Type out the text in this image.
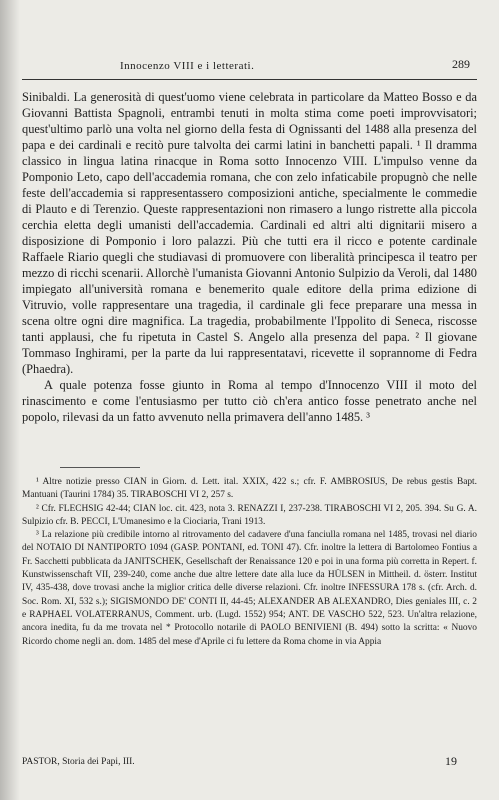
Innocenzo VIII e i letterati.	289

Sinibaldi. La generosità di quest'uomo viene celebrata in particolare da Matteo Bosso e da Giovanni Battista Spagnoli, entrambi tenuti in molta stima come poeti improvvisatori; quest'ultimo parlò una volta nel giorno della festa di Ognissanti del 1488 alla presenza del papa e dei cardinali e recitò pure talvolta dei carmi latini in banchetti papali. ¹ Il dramma classico in lingua latina rinacque in Roma sotto Innocenzo VIII. L'impulso venne da Pomponio Leto, capo dell'accademia romana, che con zelo infaticabile propugnò che nelle feste dell'accademia si rappresentassero composizioni antiche, specialmente le commedie di Plauto e di Terenzio. Queste rappresentazioni non rimasero a lungo ristrette alla piccola cerchia eletta degli umanisti dell'accademia. Cardinali ed altri alti dignitarii misero a disposizione di Pomponio i loro palazzi. Più che tutti era il ricco e potente cardinale Raffaele Riario quegli che studiavasi di promuovere con liberalità principesca il teatro per mezzo di ricchi scenarii. Allorchè l'umanista Giovanni Antonio Sulpizio da Veroli, dal 1480 impiegato all'università romana e benemerito quale editore della prima edizione di Vitruvio, volle rappresentare una tragedia, il cardinale gli fece preparare una messa in scena oltre ogni dire magnifica. La tragedia, probabilmente l'Ippolito di Seneca, riscosse tanti applausi, che fu ripetuta in Castel S. Angelo alla presenza del papa. ² Il giovane Tommaso Inghirami, per la parte da lui rappresentatavi, ricevette il soprannome di Fedra (Phaedra).

A quale potenza fosse giunto in Roma al tempo d'Innocenzo VIII il moto del rinascimento e come l'entusiasmo per tutto ciò ch'era antico fosse penetrato anche nel popolo, rilevasi da un fatto avvenuto nella primavera dell'anno 1485. ³

¹ Altre notizie presso CIAN in Giorn. d. Lett. ital. XXIX, 422 s.; cfr. F. AMBROSIUS, De rebus gestis Bapt. Mantuani (Taurini 1784) 35. TIRABOSCHI VI 2, 257 s.

² Cfr. FLECHSIG 42-44; CIAN loc. cit. 423, nota 3. RENAZZI I, 237-238. TIRABOSCHI VI 2, 205. 394. Su G. A. Sulpizio cfr. B. PECCI, L'Umanesimo e la Ciociaria, Trani 1913.

³ La relazione più credibile intorno al ritrovamento del cadavere d'una fanciulla romana nel 1485, trovasi nel diario del NOTAIO DI NANTIPORTO 1094 (GASP. PONTANI, ed. TONI 47). Cfr. inoltre la lettera di Bartolomeo Fontius a Fr. Sacchetti pubblicata da JANITSCHEK, Gesellschaft der Renaissance 120 e poi in una forma più corretta in Repert. f. Kunstwissenschaft VII, 239-240, come anche due altre lettere date alla luce da HÜLSEN in Mittheil. d. österr. Institut IV, 435-438, dove trovasi anche la miglior critica delle diverse relazioni. Cfr. inoltre INFESSURA 178 s. (cfr. Arch. d. Soc. Rom. XI, 532 s.); SIGISMONDO DE' CONTI II, 44-45; ALEXANDER AB ALEXANDRO, Dies geniales III, c. 2 e RAPHAEL VOLATERRANUS, Comment. urb. (Lugd. 1552) 954; ANT. DE VASCHO 522, 523. Un'altra relazione, ancora inedita, fu da me trovata nel * Protocollo notarile di PAOLO BENIVIENI (B. 494) sotto la scritta: « Nuovo Ricordo chome negli an. dom. 1485 del mese d'Aprile ci fu lettere da Roma chome in via Appia

PASTOR, Storia dei Papi, III.	19
